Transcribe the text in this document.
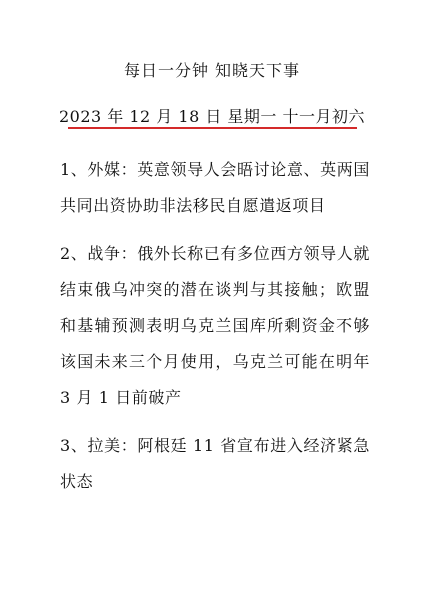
每日一分钟 知晓天下事
2023 年 12 月 18 日 星期一 十一月初六
1、外媒：英意领导人会晤讨论意、英两国共同出资协助非法移民自愿遣返项目
2、战争：俄外长称已有多位西方领导人就结束俄乌冲突的潜在谈判与其接触；欧盟和基辅预测表明乌克兰国库所剩资金不够该国未来三个月使用，乌克兰可能在明年 3 月 1 日前破产
3、拉美：阿根廷 11 省宣布进入经济紧急状态
